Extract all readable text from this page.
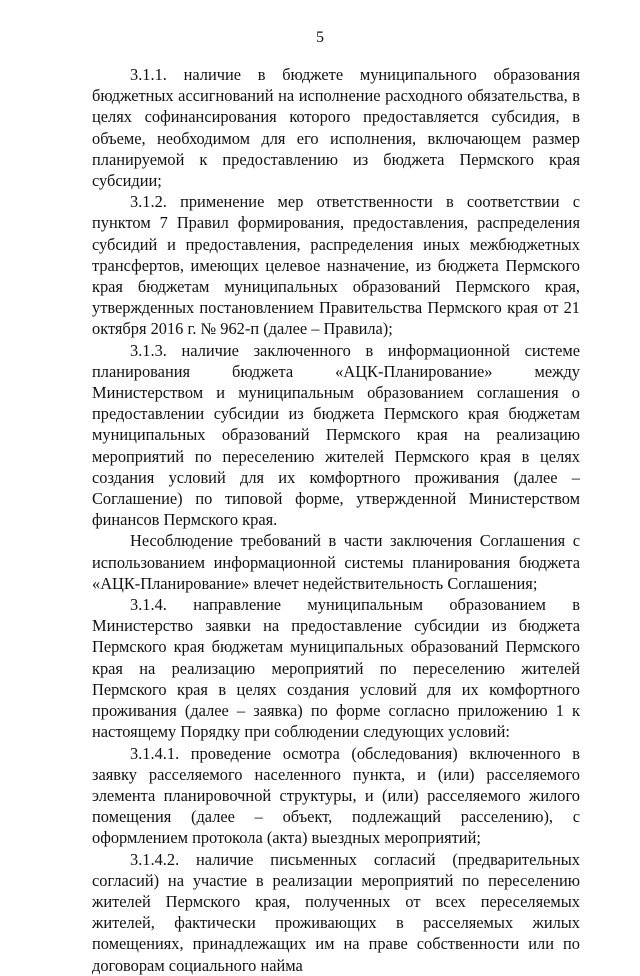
5

3.1.1. наличие в бюджете муниципального образования бюджетных ассигнований на исполнение расходного обязательства, в целях софинансирования которого предоставляется субсидия, в объеме, необходимом для его исполнения, включающем размер планируемой к предоставлению из бюджета Пермского края субсидии;

3.1.2. применение мер ответственности в соответствии с пунктом 7 Правил формирования, предоставления, распределения субсидий и предоставления, распределения иных межбюджетных трансфертов, имеющих целевое назначение, из бюджета Пермского края бюджетам муниципальных образований Пермского края, утвержденных постановлением Правительства Пермского края от 21 октября 2016 г. № 962-п (далее – Правила);

3.1.3. наличие заключенного в информационной системе планирования бюджета «АЦК-Планирование» между Министерством и муниципальным образованием соглашения о предоставлении субсидии из бюджета Пермского края бюджетам муниципальных образований Пермского края на реализацию мероприятий по переселению жителей Пермского края в целях создания условий для их комфортного проживания (далее – Соглашение) по типовой форме, утвержденной Министерством финансов Пермского края.

Несоблюдение требований в части заключения Соглашения с использованием информационной системы планирования бюджета «АЦК-Планирование» влечет недействительность Соглашения;

3.1.4. направление муниципальным образованием в Министерство заявки на предоставление субсидии из бюджета Пермского края бюджетам муниципальных образований Пермского края на реализацию мероприятий по переселению жителей Пермского края в целях создания условий для их комфортного проживания (далее – заявка) по форме согласно приложению 1 к настоящему Порядку при соблюдении следующих условий:

3.1.4.1. проведение осмотра (обследования) включенного в заявку расселяемого населенного пункта, и (или) расселяемого элемента планировочной структуры, и (или) расселяемого жилого помещения (далее – объект, подлежащий расселению), с оформлением протокола (акта) выездных мероприятий;

3.1.4.2. наличие письменных согласий (предварительных согласий) на участие в реализации мероприятий по переселению жителей Пермского края, полученных от всех переселяемых жителей, фактически проживающих в расселяемых жилых помещениях, принадлежащих им на праве собственности или по договорам социального найма
